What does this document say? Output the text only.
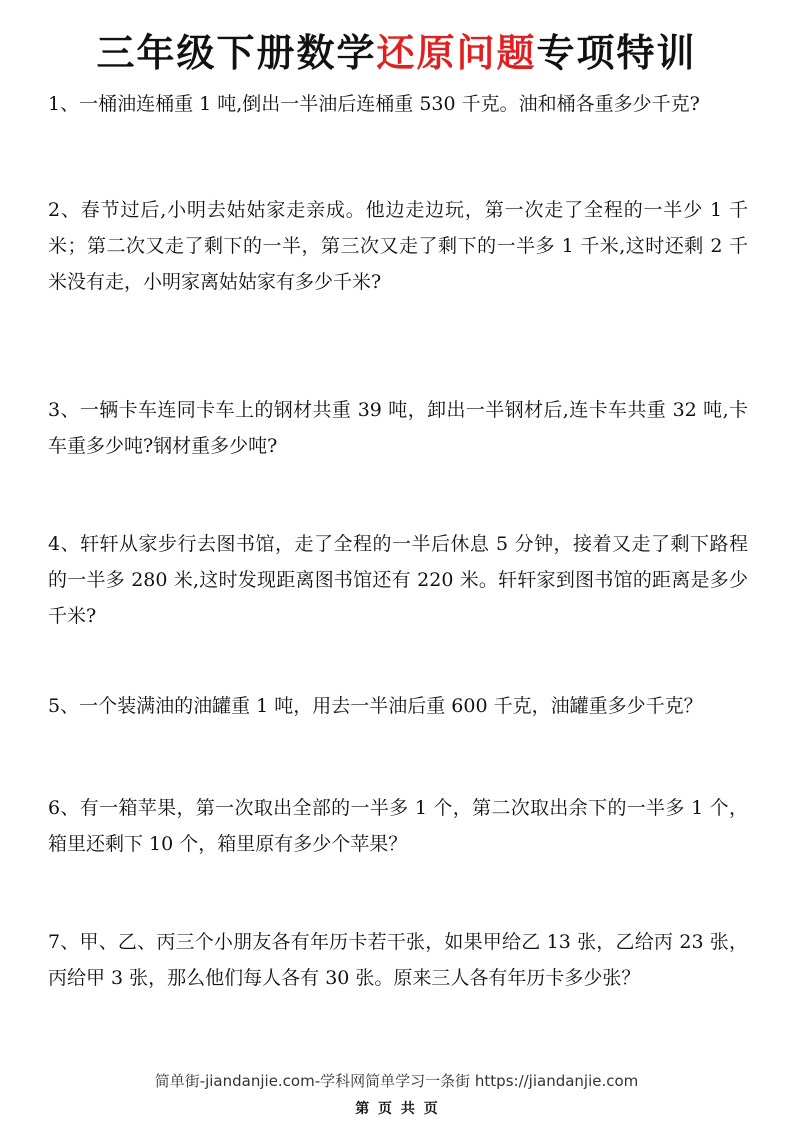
三年级下册数学还原问题专项特训
1、一桶油连桶重 1 吨,倒出一半油后连桶重 530 千克。油和桶各重多少千克?
2、春节过后,小明去姑姑家走亲成。他边走边玩，第一次走了全程的一半少 1 千米；第二次又走了剩下的一半，第三次又走了剩下的一半多 1 千米,这时还剩 2 千米没有走，小明家离姑姑家有多少千米?
3、一辆卡车连同卡车上的钢材共重 39 吨，卸出一半钢材后,连卡车共重 32 吨,卡车重多少吨?钢材重多少吨?
4、轩轩从家步行去图书馆，走了全程的一半后休息 5 分钟，接着又走了剩下路程的一半多 280 米,这时发现距离图书馆还有 220 米。轩轩家到图书馆的距离是多少千米?
5、一个装满油的油罐重 1 吨，用去一半油后重 600 千克，油罐重多少千克？
6、有一箱苹果，第一次取出全部的一半多 1 个，第二次取出余下的一半多 1 个，箱里还剩下 10 个，箱里原有多少个苹果？
7、甲、乙、丙三个小朋友各有年历卡若干张，如果甲给乙 13 张，乙给丙 23 张，丙给甲 3 张，那么他们每人各有 30 张。原来三人各有年历卡多少张？
简单街-jiandanjie.com-学科网简单学习一条街 https://jiandanjie.com
第 页 共 页
